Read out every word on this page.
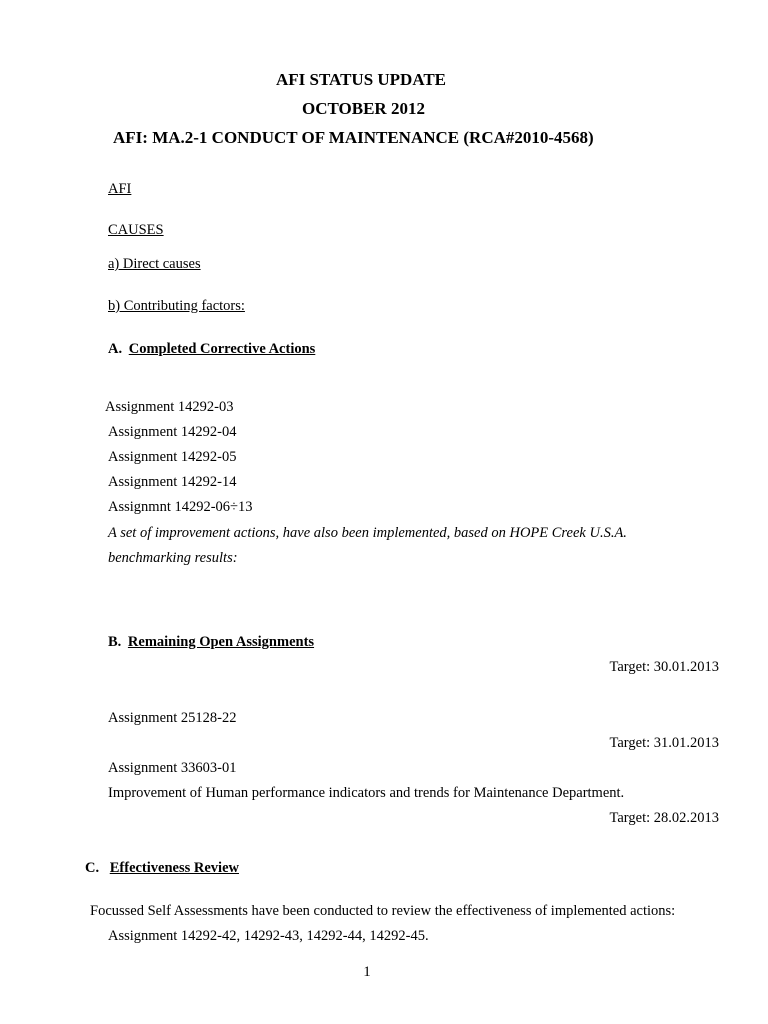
AFI STATUS UPDATE
OCTOBER 2012
AFI: MA.2-1 CONDUCT OF MAINTENANCE (RCA#2010-4568)
AFI
CAUSES
a) Direct causes
b) Contributing factors:
A. Completed Corrective Actions
Assignment 14292-03
Assignment 14292-04
Assignment 14292-05
Assignment 14292-14
Assignmnt 14292-06÷13
A set of improvement actions, have also been implemented, based on HOPE Creek U.S.A.
benchmarking results:
B. Remaining Open Assignments
Target: 30.01.2013
Assignment 25128-22
Target: 31.01.2013
Assignment 33603-01
Improvement of Human performance indicators and trends for Maintenance Department.
Target: 28.02.2013
C. Effectiveness Review
Focussed Self Assessments have been conducted to review the effectiveness of implemented actions:
Assignment 14292-42, 14292-43, 14292-44, 14292-45.
1
